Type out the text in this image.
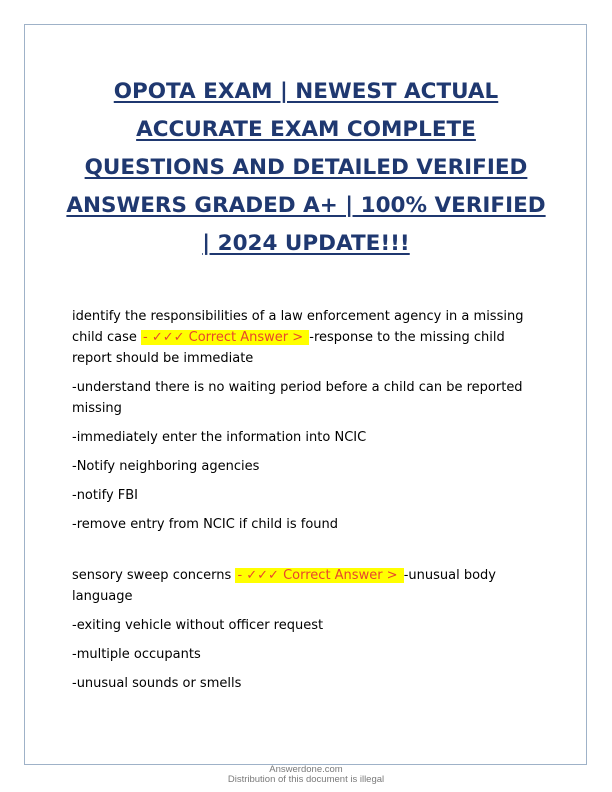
OPOTA EXAM | NEWEST ACTUAL
ACCURATE EXAM COMPLETE
QUESTIONS AND DETAILED VERIFIED
ANSWERS GRADED A+ | 100% VERIFIED
| 2024 UPDATE!!!
identify the responsibilities of a law enforcement agency in a missing
child case - ✓✓✓ Correct Answer > -response to the missing child
report should be immediate
-understand there is no waiting period before a child can be reported
missing
-immediately enter the information into NCIC
-Notify neighboring agencies
-notify FBI
-remove entry from NCIC if child is found
sensory sweep concerns - ✓✓✓ Correct Answer > -unusual body
language
-exiting vehicle without officer request
-multiple occupants
-unusual sounds or smells
Answerdone.com
Distribution of this document is illegal
